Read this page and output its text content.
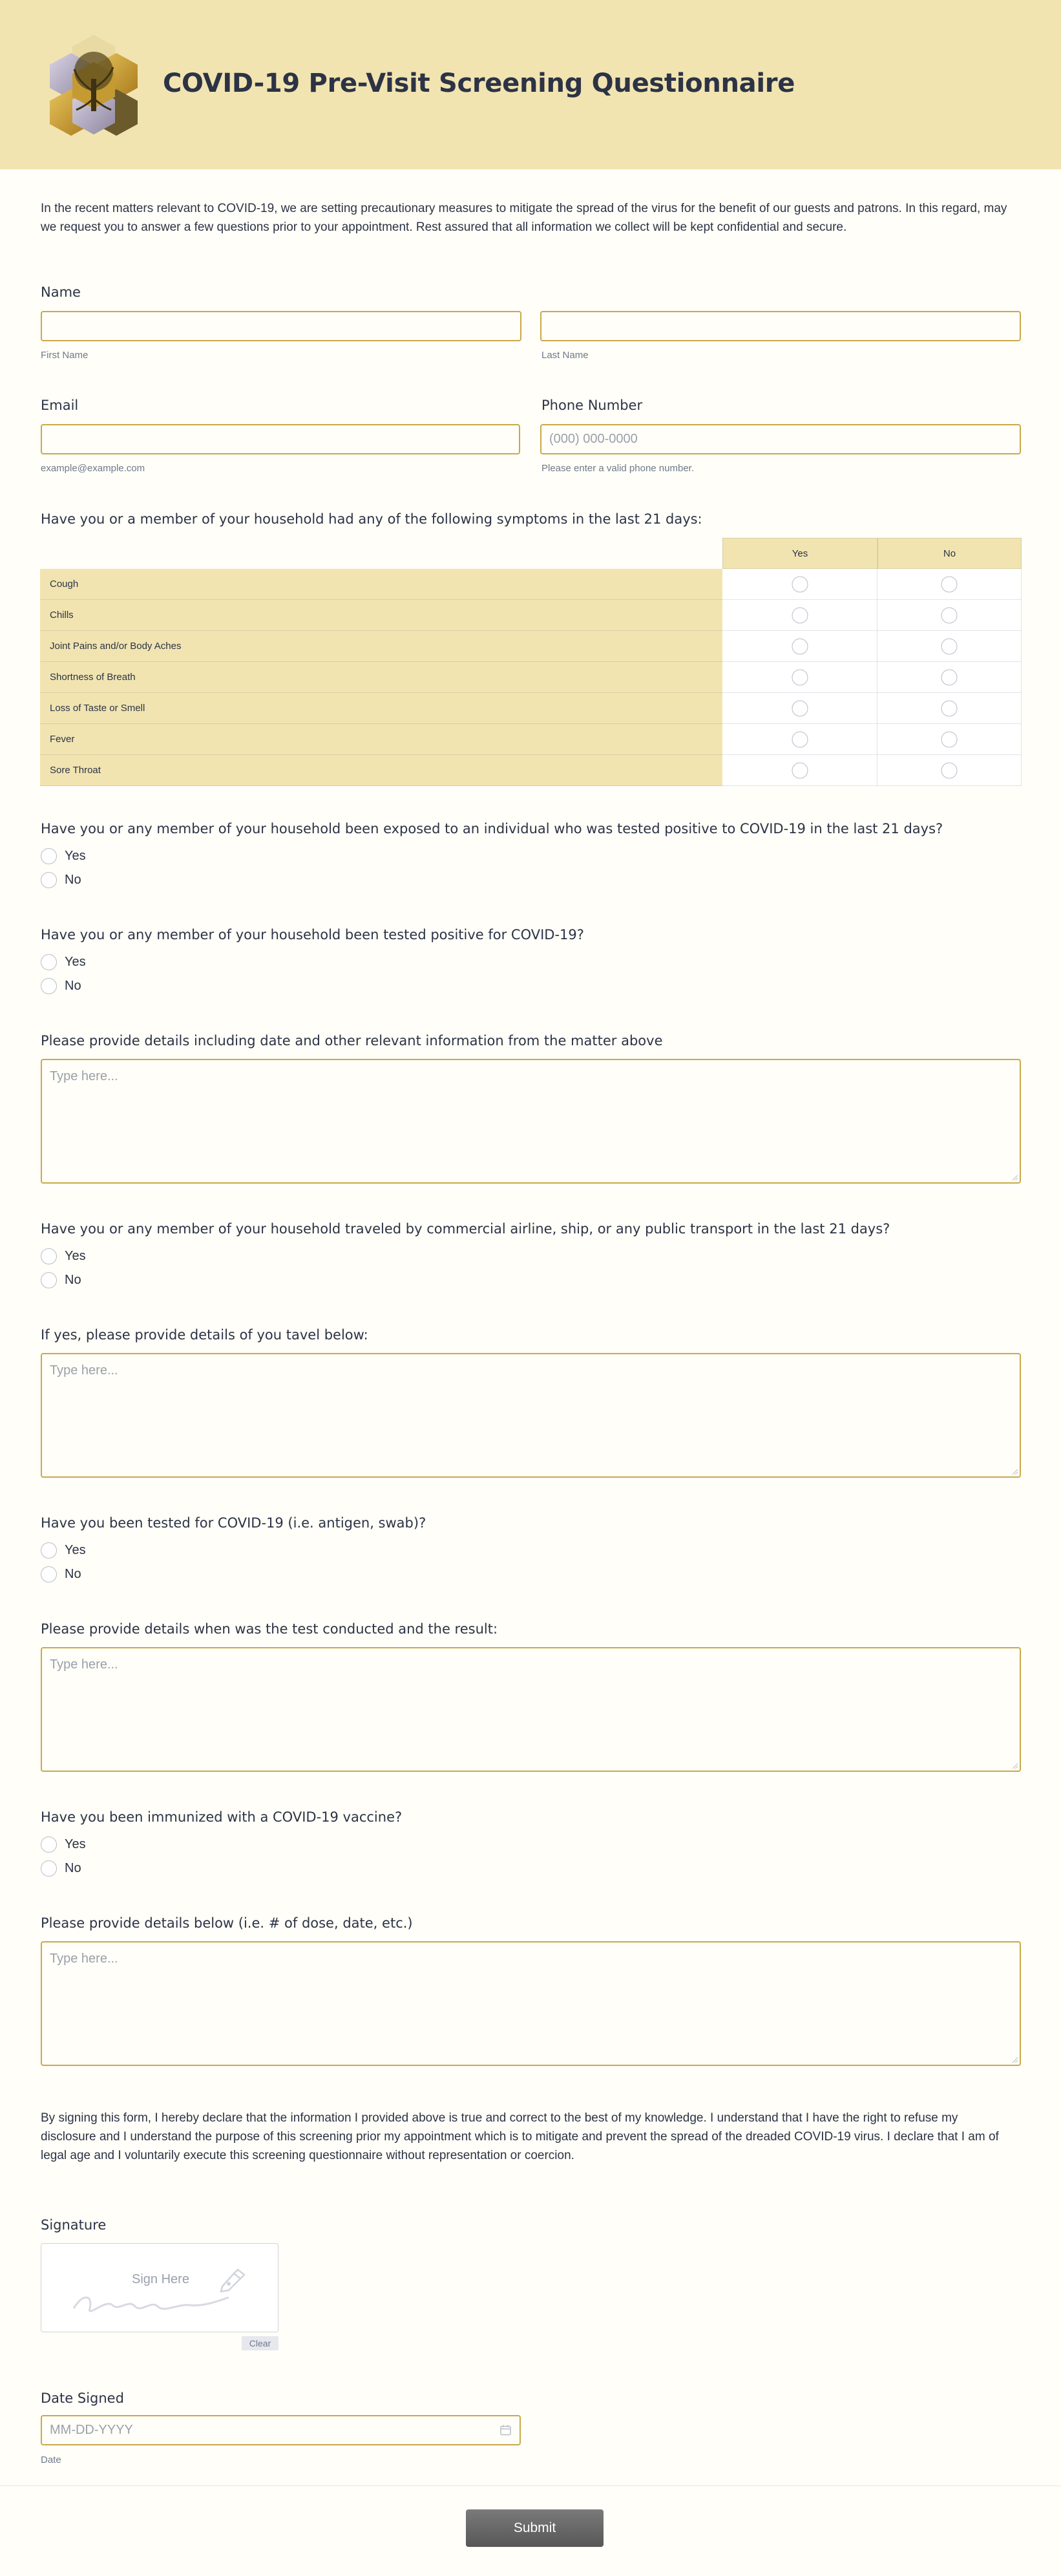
COVID-19 Pre-Visit Screening Questionnaire

In the recent matters relevant to COVID-19, we are setting precautionary measures to mitigate the spread of the virus for the benefit of our guests and patrons. In this regard, may we request you to answer a few questions prior to your appointment. Rest assured that all information we collect will be kept confidential and secure.

Name
First Name	Last Name
Email
example@example.com
Phone Number
(000) 000-0000
Please enter a valid phone number.
Have you or a member of your household had any of the following symptoms in the last 21 days:
Yes	No
Cough
Chills
Joint Pains and/or Body Aches
Shortness of Breath
Loss of Taste or Smell
Fever
Sore Throat
Have you or any member of your household been exposed to an individual who was tested positive to COVID-19 in the last 21 days?
Yes
No
Have you or any member of your household been tested positive for COVID-19?
Yes
No
Please provide details including date and other relevant information from the matter above
Type here...
Have you or any member of your household traveled by commercial airline, ship, or any public transport in the last 21 days?
Yes
No
If yes, please provide details of you tavel below:
Type here...
Have you been tested for COVID-19 (i.e. antigen, swab)?
Yes
No
Please provide details when was the test conducted and the result:
Type here...
Have you been immunized with a COVID-19 vaccine?
Yes
No
Please provide details below (i.e. # of dose, date, etc.)
Type here...

By signing this form, I hereby declare that the information I provided above is true and correct to the best of my knowledge. I understand that I have the right to refuse my disclosure and I understand the purpose of this screening prior my appointment which is to mitigate and prevent the spread of the dreaded COVID-19 virus. I declare that I am of legal age and I voluntarily execute this screening questionnaire without representation or coercion.

Signature
Sign Here
Clear
Date Signed
MM-DD-YYYY
Date
Submit
